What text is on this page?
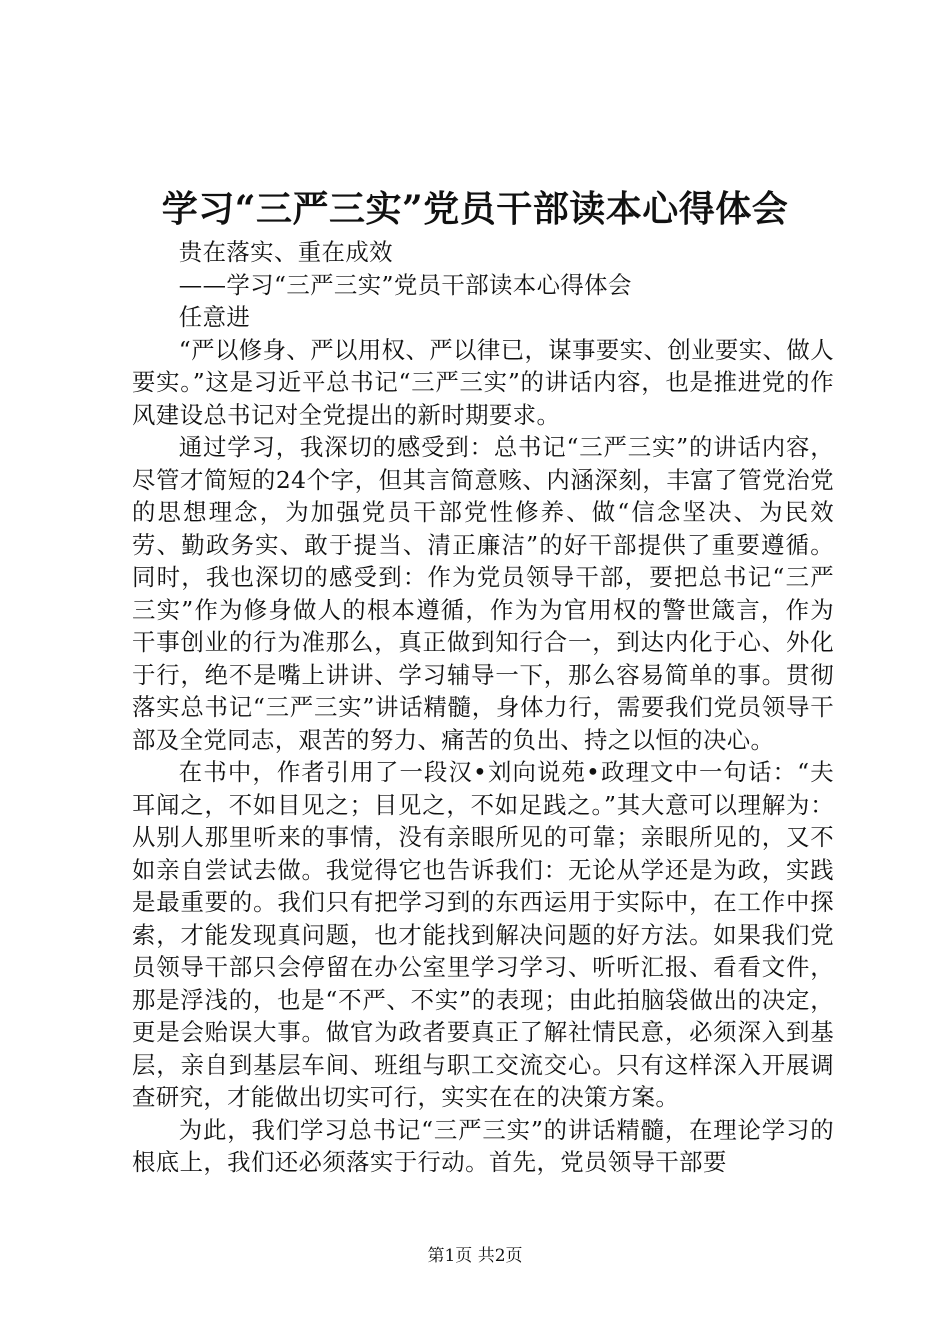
学习“三严三实”党员干部读本心得体会

贵在落实、重在成效

——学习“三严三实”党员干部读本心得体会

任意进

“严以修身、严以用权、严以律已，谋事要实、创业要实、做人要实。”这是习近平总书记“三严三实”的讲话内容，也是推进党的作风建设总书记对全党提出的新时期要求。

通过学习，我深切的感受到：总书记“三严三实”的讲话内容，尽管才简短的24个字，但其言简意赅、内涵深刻，丰富了管党治党的思想理念，为加强党员干部党性修养、做“信念坚决、为民效劳、勤政务实、敢于提当、清正廉洁”的好干部提供了重要遵循。同时，我也深切的感受到：作为党员领导干部，要把总书记“三严三实”作为修身做人的根本遵循，作为为官用权的警世箴言，作为干事创业的行为准那么，真正做到知行合一，到达内化于心、外化于行，绝不是嘴上讲讲、学习辅导一下，那么容易简单的事。贯彻落实总书记“三严三实”讲话精髓，身体力行，需要我们党员领导干部及全党同志，艰苦的努力、痛苦的负出、持之以恒的决心。

在书中，作者引用了一段汉•刘向说苑•政理文中一句话：“夫耳闻之，不如目见之；目见之，不如足践之。”其大意可以理解为：从别人那里听来的事情，没有亲眼所见的可靠；亲眼所见的，又不如亲自尝试去做。我觉得它也告诉我们：无论从学还是为政，实践是最重要的。我们只有把学习到的东西运用于实际中，在工作中探索，才能发现真问题，也才能找到解决问题的好方法。如果我们党员领导干部只会停留在办公室里学习学习、听听汇报、看看文件，那是浮浅的，也是“不严、不实”的表现；由此拍脑袋做出的决定，更是会贻误大事。做官为政者要真正了解社情民意，必须深入到基层，亲自到基层车间、班组与职工交流交心。只有这样深入开展调查研究，才能做出切实可行，实实在在的决策方案。

为此，我们学习总书记“三严三实”的讲话精髓，在理论学习的根底上，我们还必须落实于行动。首先，党员领导干部要

第1页 共2页
